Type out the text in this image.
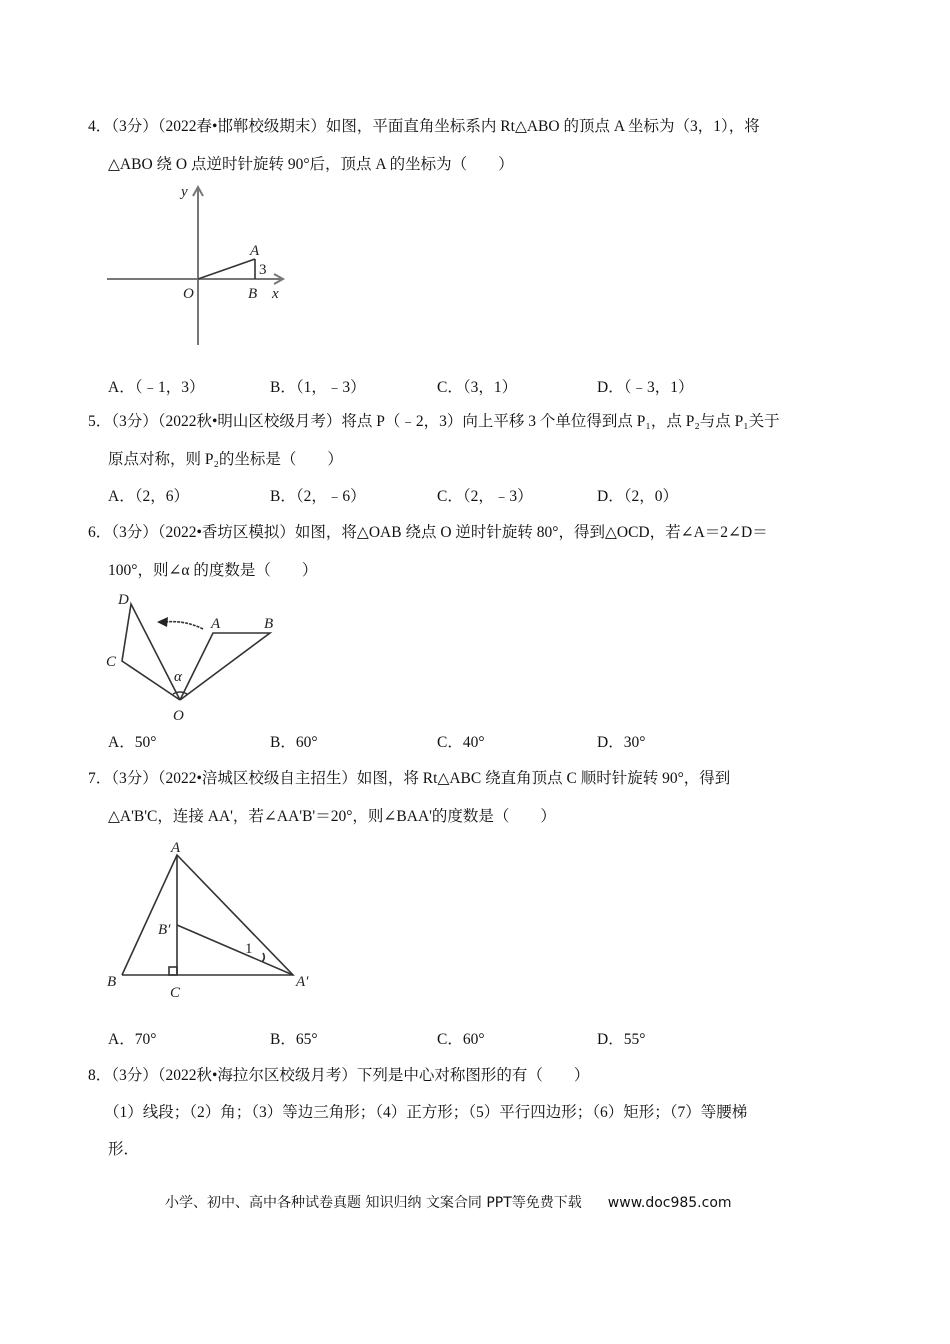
4．（3分）（2022春•邯郸校级期末）如图，平面直角坐标系内 Rt△ABO 的顶点 A 坐标为（3，1），将
△ABO 绕 O 点逆时针旋转 90°后，顶点 A 的坐标为（　　）
y
A
3
O	B x
D
C
O
A	B
α
A
B
C
A′
B′
1
A．（﹣1，3）	B．（1，﹣3）	C．（3，1）	D．（﹣3，1）
5．（3分）（2022秋•明山区校级月考）将点 P（﹣2，3）向上平移 3 个单位得到点 P₁，点 P₂与点 P₁关于
原点对称，则 P₂的坐标是（　　）
A．（2，6）	B．（2，﹣6）	C．（2，﹣3）	D．（2，0）
6．（3分）（2022•香坊区模拟）如图，将△OAB 绕点 O 逆时针旋转 80°，得到△OCD，若∠A＝2∠D＝
100°，则∠α 的度数是（　　）
A．50°	B．60°	C．40°	D．30°
7．（3分）（2022•涪城区校级自主招生）如图，将 Rt△ABC 绕直角顶点 C 顺时针旋转 90°，得到
△A'B'C，连接 AA'，若∠AA'B'＝20°，则∠BAA'的度数是（　　）
A．70°	B．65°	C．60°	D．55°
8．（3分）（2022秋•海拉尔区校级月考）下列是中心对称图形的有（　　）
（1）线段；（2）角；（3）等边三角形；（4）正方形；（5）平行四边形；（6）矩形；（7）等腰梯
形．
小学、初中、高中各种试卷真题 知识归纳 文案合同 PPT等免费下载 www.doc985.com
